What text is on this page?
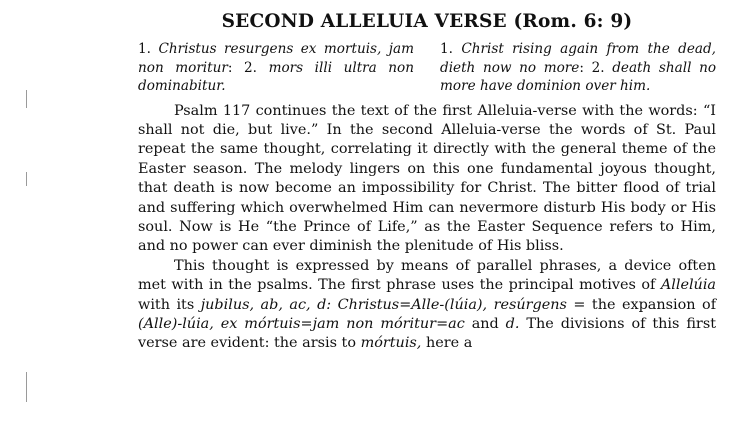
SECOND ALLELUIA VERSE (Rom. 6: 9)
1. Christus resurgens ex mortuis, jam non moritur: 2. mors illi ultra non dominabitur.
1. Christ rising again from the dead, dieth now no more: 2. death shall no more have dominion over him.

Psalm 117 continues the text of the first Alleluia-verse with the words: “I shall not die, but live.” In the second Alleluia-verse the words of St. Paul repeat the same thought, correlating it directly with the general theme of the Easter season. The melody lingers on this one fundamental joyous thought, that death is now become an impossibility for Christ. The bitter flood of trial and suffering which overwhelmed Him can nevermore disturb His body or His soul. Now is He “the Prince of Life,” as the Easter Sequence refers to Him, and no power can ever diminish the plenitude of His bliss.

This thought is expressed by means of parallel phrases, a device often met with in the psalms. The first phrase uses the principal motives of Allelúia with its jubilus, ab, ac, d: Christus=Alle-(lúia), resúrgens = the expansion of (Alle)-lúia, ex mórtuis=jam non móritur=ac and d. The divisions of this first verse are evident: the arsis to mórtuis, here a
